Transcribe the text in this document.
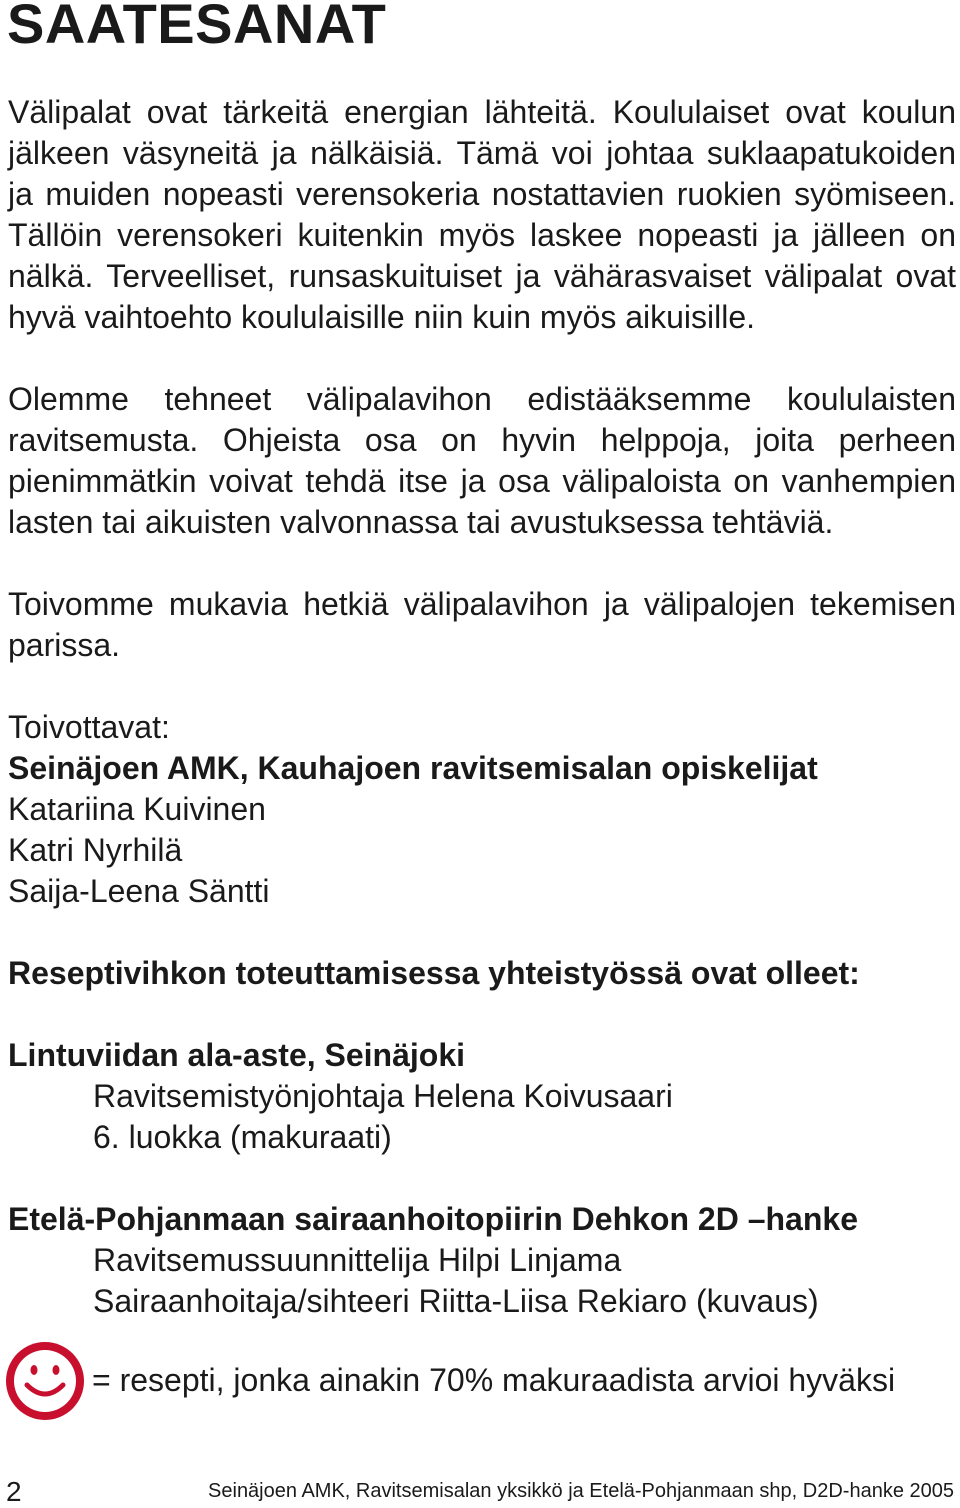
SAATESANAT

Välipalat ovat tärkeitä energian lähteitä. Koululaiset ovat koulun jälkeen väsyneitä ja nälkäisiä. Tämä voi johtaa suklaapatukoiden ja muiden nopeasti verensokeria nostattavien ruokien syömiseen. Tällöin verensokeri kuitenkin myös laskee nopeasti ja jälleen on nälkä. Terveelliset, runsaskuituiset ja vähärasvaiset välipalat ovat hyvä vaihtoehto koululaisille niin kuin myös aikuisille.

Olemme tehneet välipalavihon edistääksemme koululaisten ravitsemusta. Ohjeista osa on hyvin helppoja, joita perheen pienimmätkin voivat tehdä itse ja osa välipaloista on vanhempien lasten tai aikuisten valvonnassa tai avustuksessa tehtäviä.

Toivomme mukavia hetkiä välipalavihon ja välipalojen tekemisen parissa.

Toivottavat:

Seinäjoen AMK, Kauhajoen ravitsemisalan opiskelijat

Katariina Kuivinen

Katri Nyrhilä

Saija-Leena Säntti

Reseptivihkon toteuttamisessa yhteistyössä ovat olleet:

Lintuviidan ala-aste, Seinäjoki

Ravitsemistyönjohtaja Helena Koivusaari

6. luokka (makuraati)

Etelä-Pohjanmaan sairaanhoitopiirin Dehkon 2D –hanke

Ravitsemussuunnittelija Hilpi Linjama

Sairaanhoitaja/sihteeri Riitta-Liisa Rekiaro (kuvaus)

= resepti, jonka ainakin 70% makuraadista arvioi hyväksi

2	Seinäjoen AMK, Ravitsemisalan yksikkö ja Etelä-Pohjanmaan shp, D2D-hanke 2005
